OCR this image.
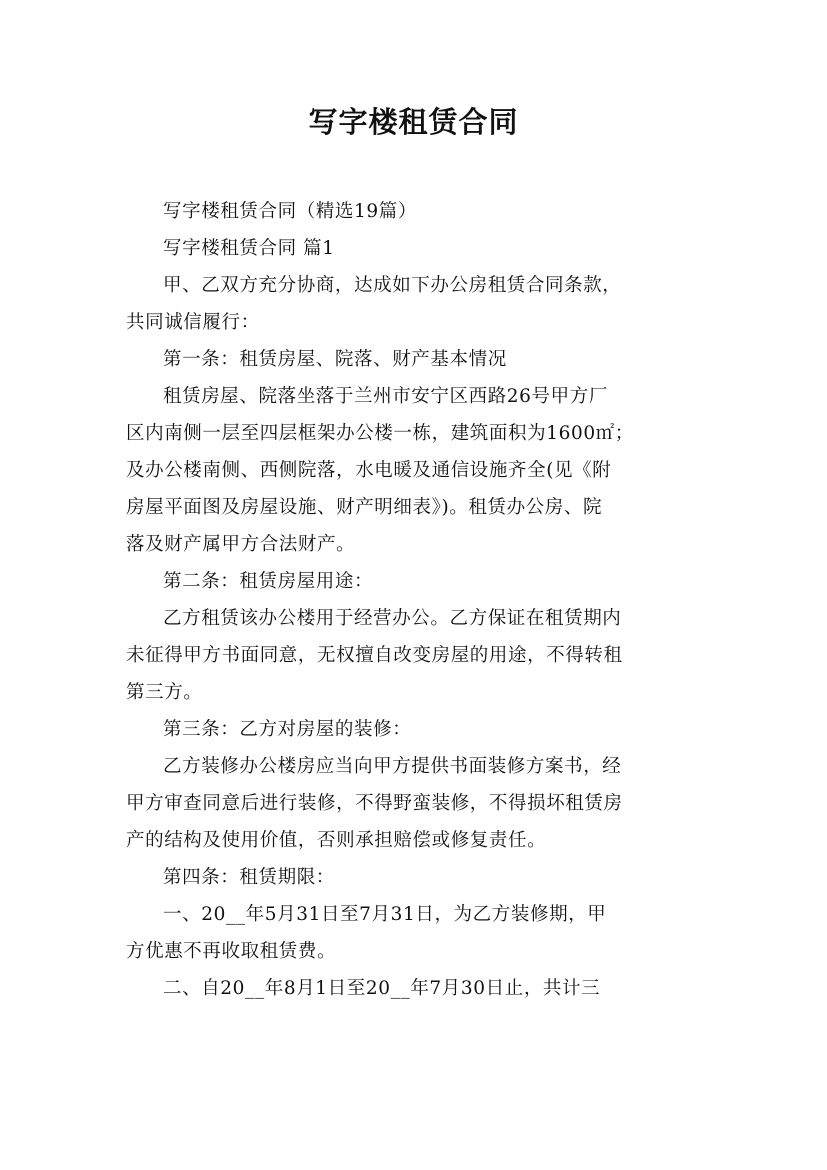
写字楼租赁合同
写字楼租赁合同（精选19篇）
写字楼租赁合同 篇1
甲、乙双方充分协商，达成如下办公房租赁合同条款，
共同诚信履行：
第一条：租赁房屋、院落、财产基本情况
租赁房屋、院落坐落于兰州市安宁区西路26号甲方厂
区内南侧一层至四层框架办公楼一栋，建筑面积为1600㎡；
及办公楼南侧、西侧院落，水电暖及通信设施齐全(见《附
房屋平面图及房屋设施、财产明细表》)。租赁办公房、院
落及财产属甲方合法财产。
第二条：租赁房屋用途：
乙方租赁该办公楼用于经营办公。乙方保证在租赁期内
未征得甲方书面同意，无权擅自改变房屋的用途，不得转租
第三方。
第三条：乙方对房屋的装修：
乙方装修办公楼房应当向甲方提供书面装修方案书，经
甲方审查同意后进行装修，不得野蛮装修，不得损坏租赁房
产的结构及使用价值，否则承担赔偿或修复责任。
第四条：租赁期限：
一、20__年5月31日至7月31日，为乙方装修期，甲
方优惠不再收取租赁费。
二、自20__年8月1日至20__年7月30日止，共计三
